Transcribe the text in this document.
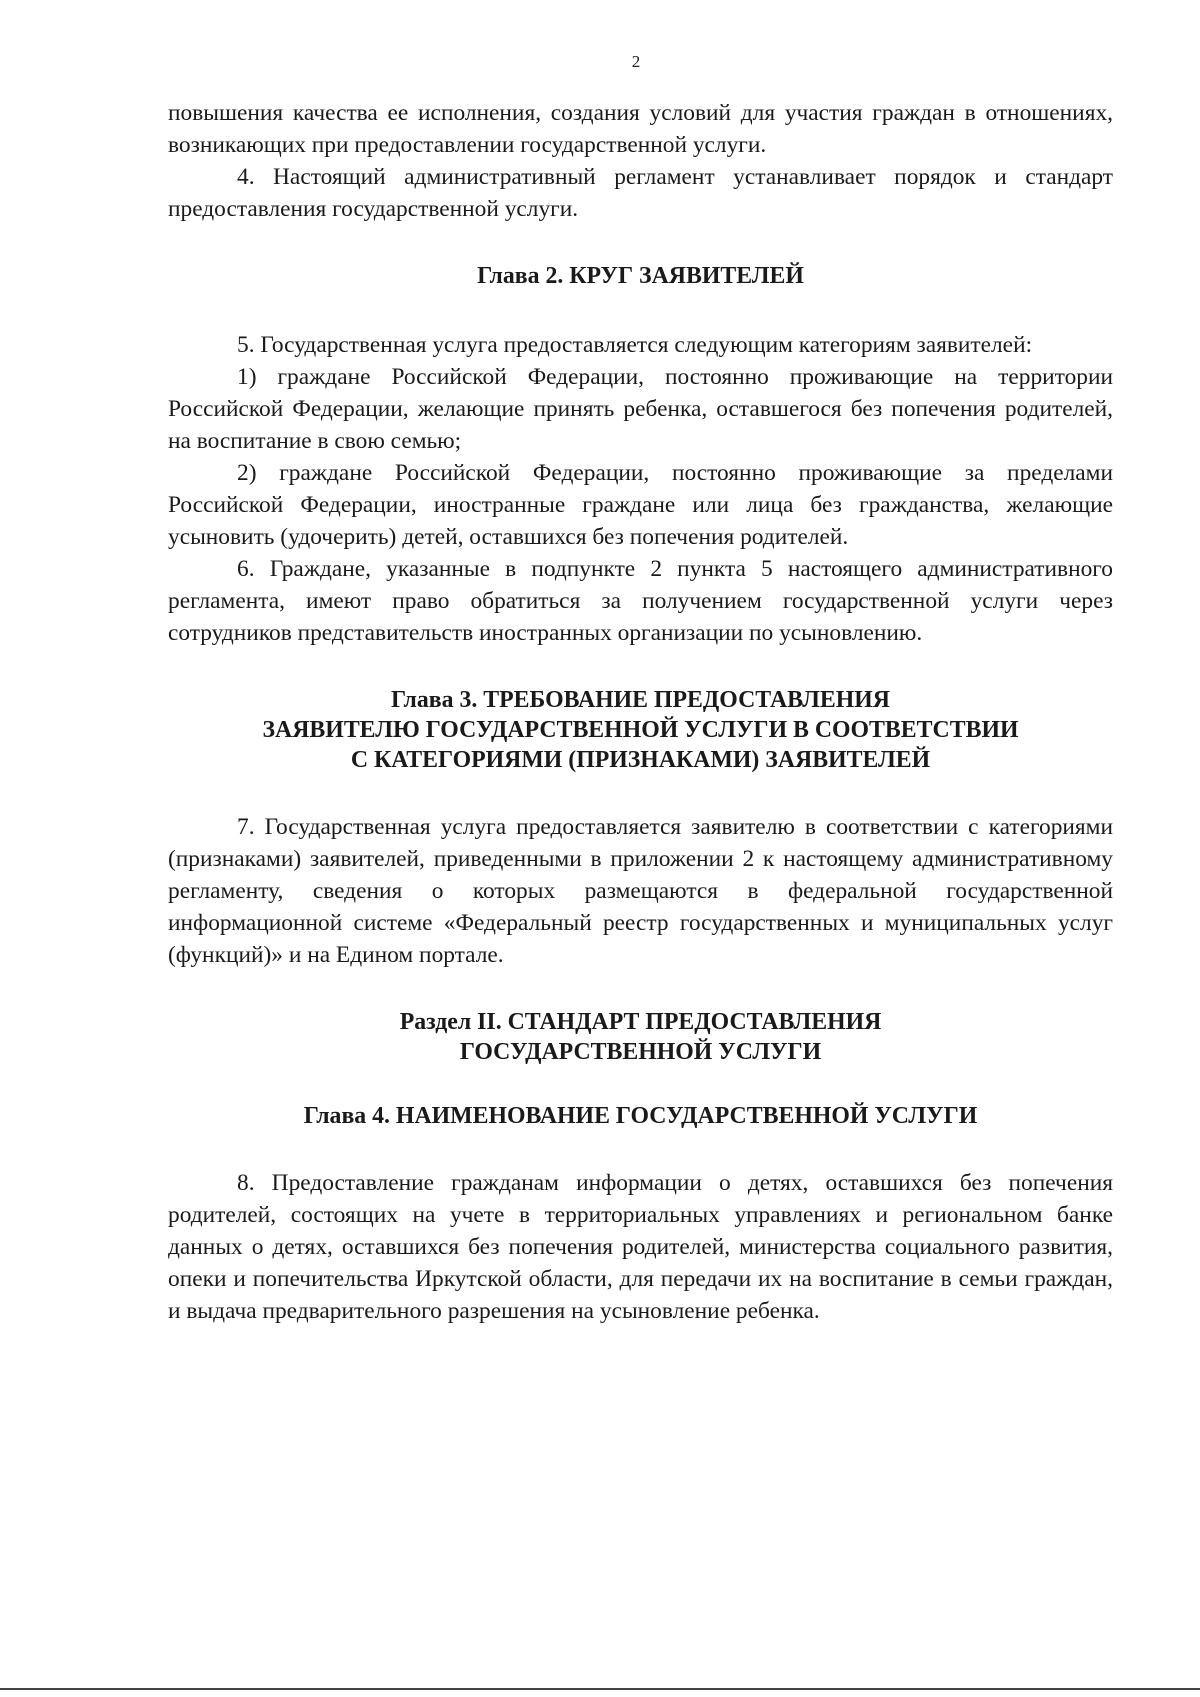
2

повышения качества ее исполнения, создания условий для участия граждан в отношениях, возникающих при предоставлении государственной услуги.

4. Настоящий административный регламент устанавливает порядок и стандарт предоставления государственной услуги.

Глава 2. КРУГ ЗАЯВИТЕЛЕЙ

5. Государственная услуга предоставляется следующим категориям заявителей:

1) граждане Российской Федерации, постоянно проживающие на территории Российской Федерации, желающие принять ребенка, оставшегося без попечения родителей, на воспитание в свою семью;

2) граждане Российской Федерации, постоянно проживающие за пределами Российской Федерации, иностранные граждане или лица без гражданства, желающие усыновить (удочерить) детей, оставшихся без попечения родителей.

6. Граждане, указанные в подпункте 2 пункта 5 настоящего административного регламента, имеют право обратиться за получением государственной услуги через сотрудников представительств иностранных организации по усыновлению.

Глава 3. ТРЕБОВАНИЕ ПРЕДОСТАВЛЕНИЯ
ЗАЯВИТЕЛЮ ГОСУДАРСТВЕННОЙ УСЛУГИ В СООТВЕТСТВИИ
С КАТЕГОРИЯМИ (ПРИЗНАКАМИ) ЗАЯВИТЕЛЕЙ

7. Государственная услуга предоставляется заявителю в соответствии с категориями (признаками) заявителей, приведенными в приложении 2 к настоящему административному регламенту, сведения о которых размещаются в федеральной государственной информационной системе «Федеральный реестр государственных и муниципальных услуг (функций)» и на Едином портале.

Раздел II. СТАНДАРТ ПРЕДОСТАВЛЕНИЯ
ГОСУДАРСТВЕННОЙ УСЛУГИ
Глава 4. НАИМЕНОВАНИЕ ГОСУДАРСТВЕННОЙ УСЛУГИ

8. Предоставление гражданам информации о детях, оставшихся без попечения родителей, состоящих на учете в территориальных управлениях и региональном банке данных о детях, оставшихся без попечения родителей, министерства социального развития, опеки и попечительства Иркутской области, для передачи их на воспитание в семьи граждан, и выдача предварительного разрешения на усыновление ребенка.
